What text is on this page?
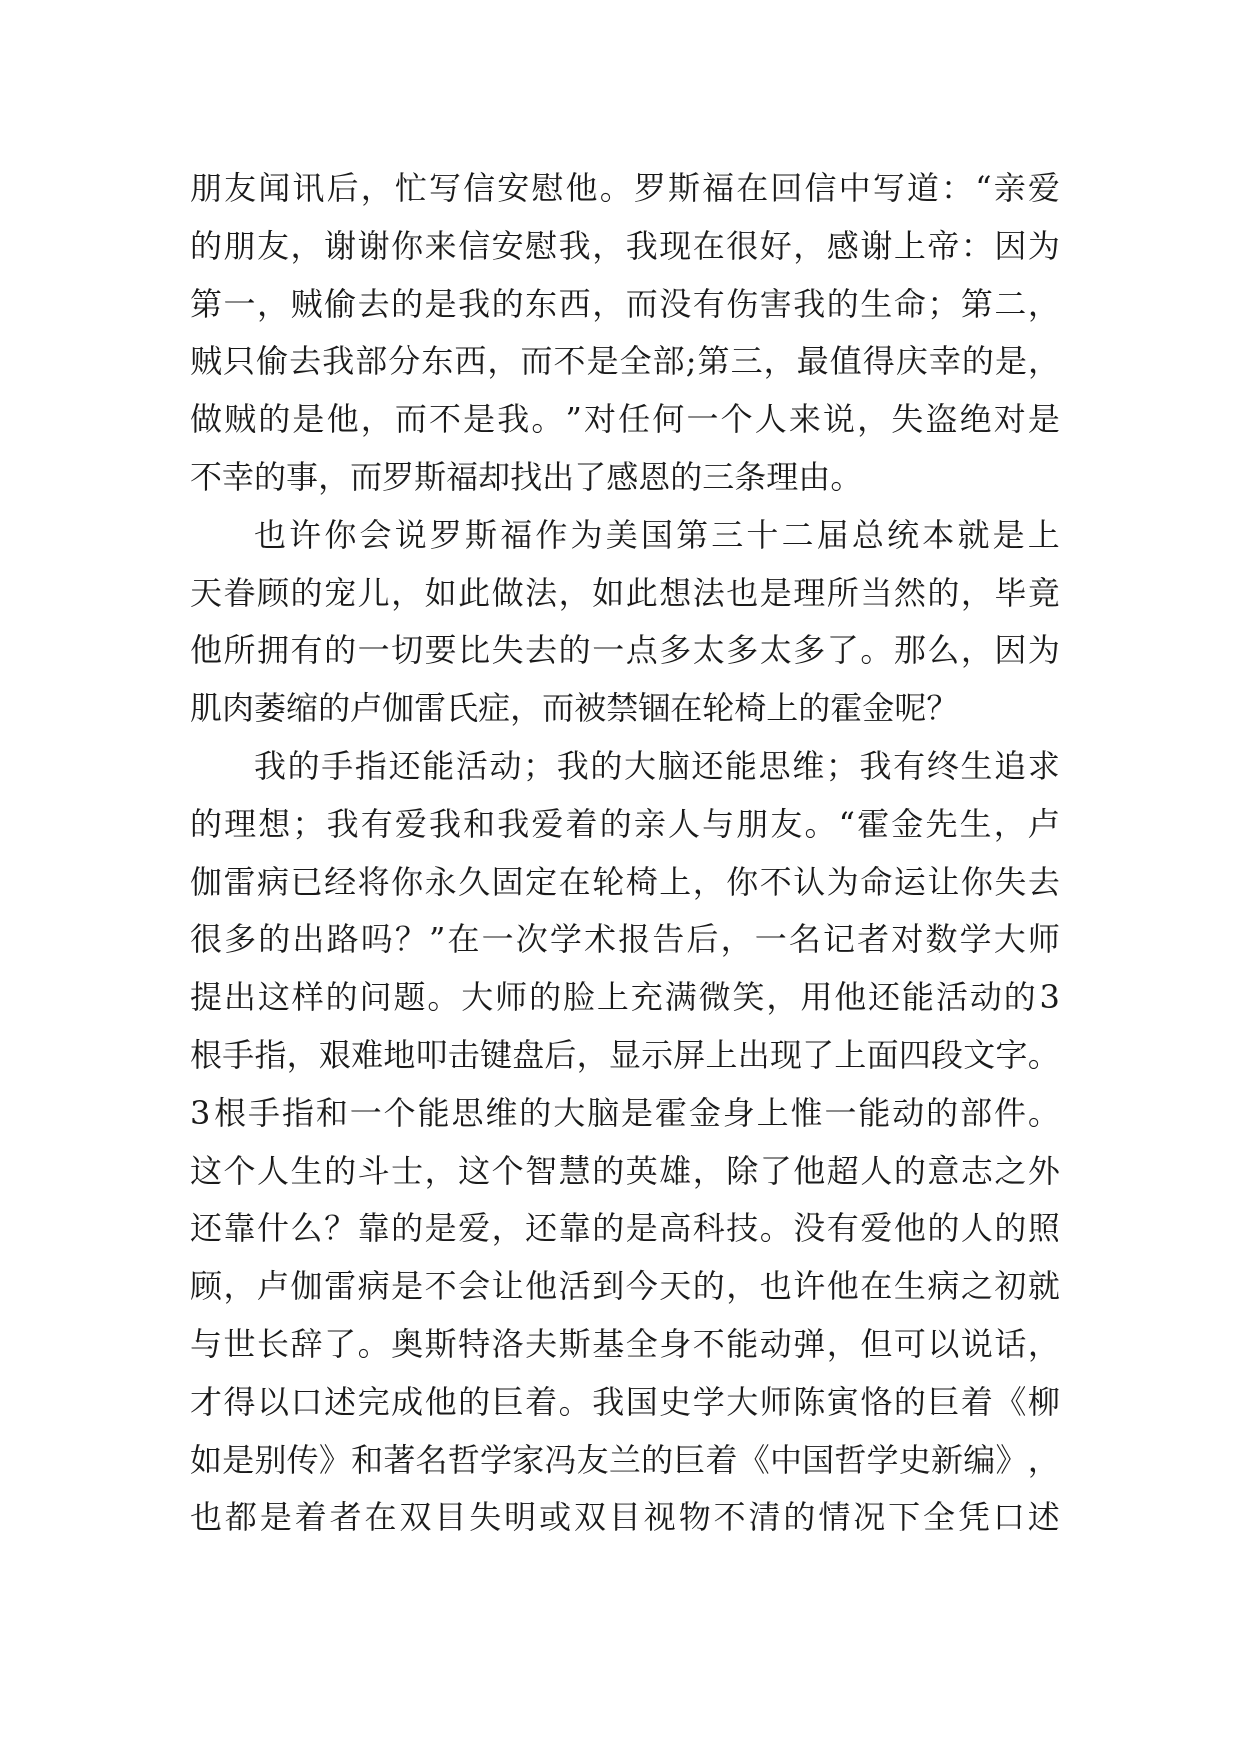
朋 友 闻 讯 后 ， 忙 写 信 安 慰 他 。 罗 斯 福 在 回 信 中 写 道 ： “ 亲 爱
的 朋 友 ， 谢 谢 你 来 信 安 慰 我 ， 我 现 在 很 好 ， 感 谢 上 帝 ： 因 为
第 一 ， 贼 偷 去 的 是 我 的 东 西 ， 而 没 有 伤 害 我 的 生 命 ； 第 二 ，
贼 只 偷 去 我 部 分 东 西 ， 而 不 是 全 部 ; 第 三 ， 最 值 得 庆 幸 的 是 ，
做 贼 的 是 他 ， 而 不 是 我 。 ” 对 任 何 一 个 人 来 说 ， 失 盗 绝 对 是
不 幸 的 事 ， 而 罗 斯 福 却 找 出 了 感 恩 的 三 条 理 由 。
也 许 你 会 说 罗 斯 福 作 为 美 国 第 三 十 二 届 总 统 本 就 是 上
天 眷 顾 的 宠 儿 ， 如 此 做 法 ， 如 此 想 法 也 是 理 所 当 然 的 ， 毕 竟
他 所 拥 有 的 一 切 要 比 失 去 的 一 点 多 太 多 太 多 了 。 那 么 ， 因 为
肌 肉 萎 缩 的 卢 伽 雷 氏 症 ， 而 被 禁 锢 在 轮 椅 上 的 霍 金 呢 ？
我 的 手 指 还 能 活 动 ； 我 的 大 脑 还 能 思 维 ； 我 有 终 生 追 求
的 理 想 ； 我 有 爱 我 和 我 爱 着 的 亲 人 与 朋 友 。 “ 霍 金 先 生 ， 卢
伽 雷 病 已 经 将 你 永 久 固 定 在 轮 椅 上 ， 你 不 认 为 命 运 让 你 失 去
很 多 的 出 路 吗 ？ ” 在 一 次 学 术 报 告 后 ， 一 名 记 者 对 数 学 大 师
提 出 这 样 的 问 题 。 大 师 的 脸 上 充 满 微 笑 ， 用 他 还 能 活 动 的 3
根 手 指 ， 艰 难 地 叩 击 键 盘 后 ， 显 示 屏 上 出 现 了 上 面 四 段 文 字 。
3 根 手 指 和 一 个 能 思 维 的 大 脑 是 霍 金 身 上 惟 一 能 动 的 部 件 。
这 个 人 生 的 斗 士 ， 这 个 智 慧 的 英 雄 ， 除 了 他 超 人 的 意 志 之 外
还 靠 什 么 ？ 靠 的 是 爱 ， 还 靠 的 是 高 科 技 。 没 有 爱 他 的 人 的 照
顾 ， 卢 伽 雷 病 是 不 会 让 他 活 到 今 天 的 ， 也 许 他 在 生 病 之 初 就
与 世 长 辞 了 。 奥 斯 特 洛 夫 斯 基 全 身 不 能 动 弹 ， 但 可 以 说 话 ，
才 得 以 口 述 完 成 他 的 巨 着 。 我 国 史 学 大 师 陈 寅 恪 的 巨 着 《 柳
如 是 别 传 》 和 著 名 哲 学 家 冯 友 兰 的 巨 着 《 中 国 哲 学 史 新 编 》 ，
也 都 是 着 者 在 双 目 失 明 或 双 目 视 物 不 清 的 情 况 下 全 凭 口 述
